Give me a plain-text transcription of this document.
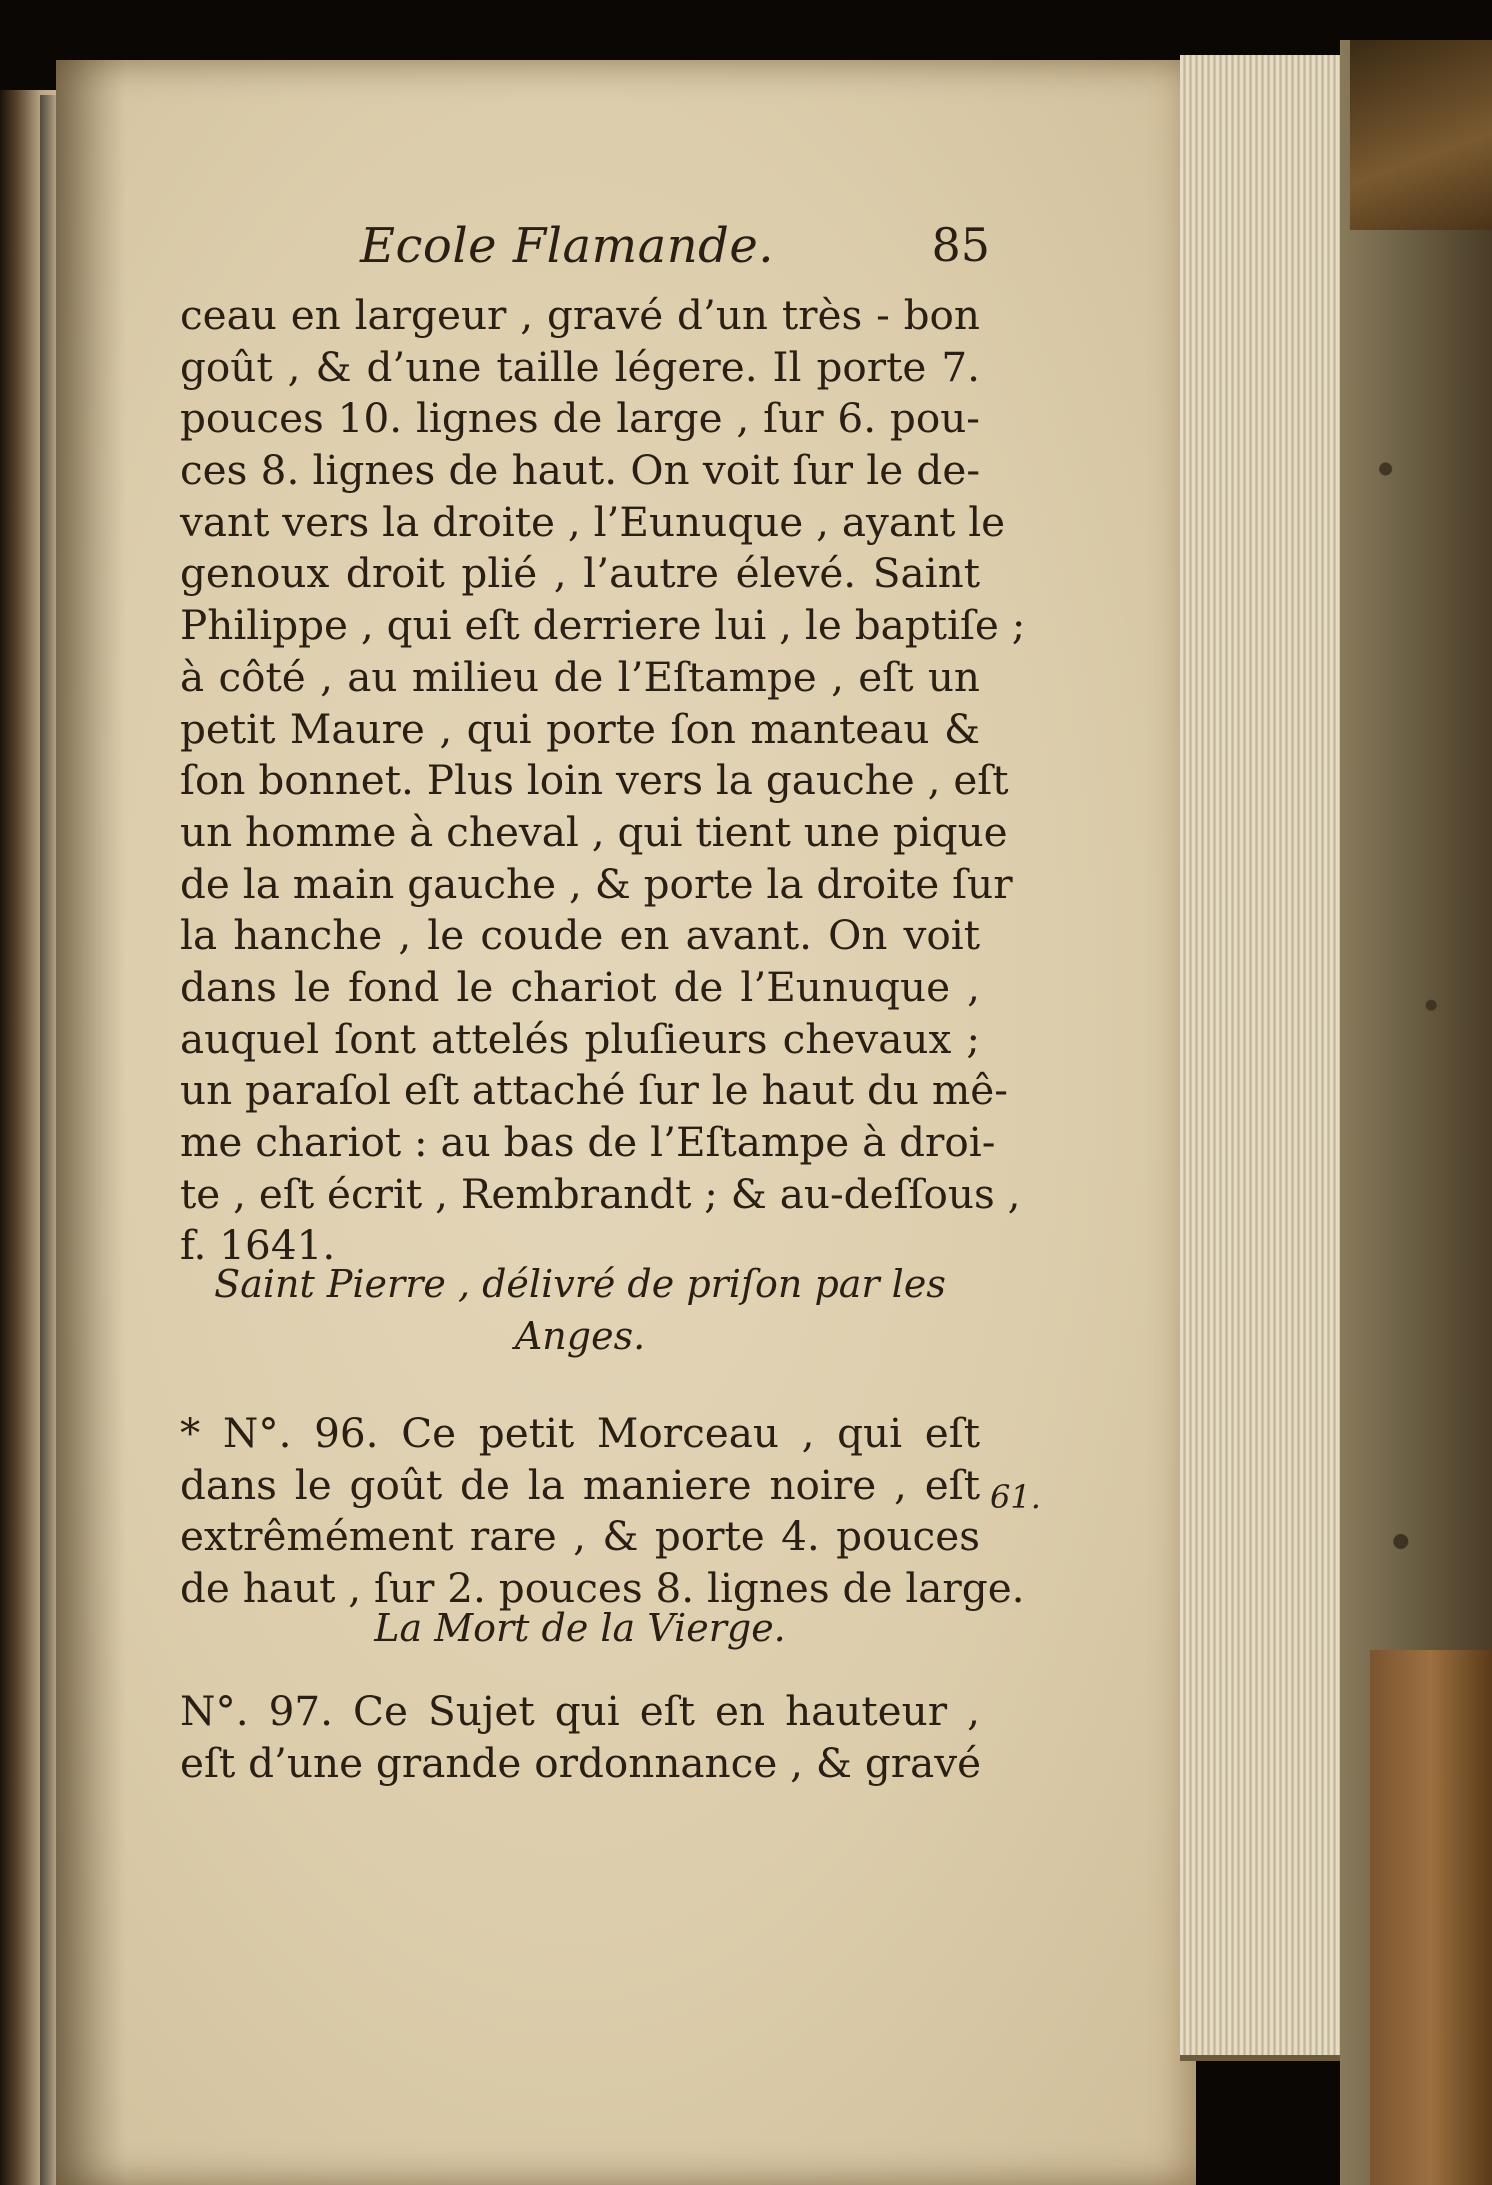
Ecole Flamande.	85
ceau en largeur , gravé d’un très - bon
goût , & d’une taille légere. Il porte 7.
pouces 10. lignes de large , ſur 6. pou-
ces 8. lignes de haut. On voit ſur le de-
vant vers la droite , l’Eunuque , ayant le
genoux droit plié , l’autre élevé. Saint
Philippe , qui eſt derriere lui , le baptiſe ;
à côté , au milieu de l’Eſtampe , eſt un
petit Maure , qui porte ſon manteau &
ſon bonnet. Plus loin vers la gauche , eſt
un homme à cheval , qui tient une pique
de la main gauche , & porte la droite ſur
la hanche , le coude en avant. On voit
dans le fond le chariot de l’Eunuque ,
auquel ſont attelés pluſieurs chevaux ;
un paraſol eſt attaché ſur le haut du mê-
me chariot : au bas de l’Eſtampe à droi-
te , eſt écrit , Rembrandt ; & au-deſſous ,
f. 1641.
Saint Pierre , délivré de priſon par les
Anges.
* N°. 96. Ce petit Morceau , qui eſt
dans le goût de la maniere noire , eſt
extrêmément rare , & porte 4. pouces
de haut , ſur 2. pouces 8. lignes de large.
61.
La Mort de la Vierge.
N°. 97. Ce Sujet qui eſt en hauteur ,
eſt d’une grande ordonnance , & gravé
